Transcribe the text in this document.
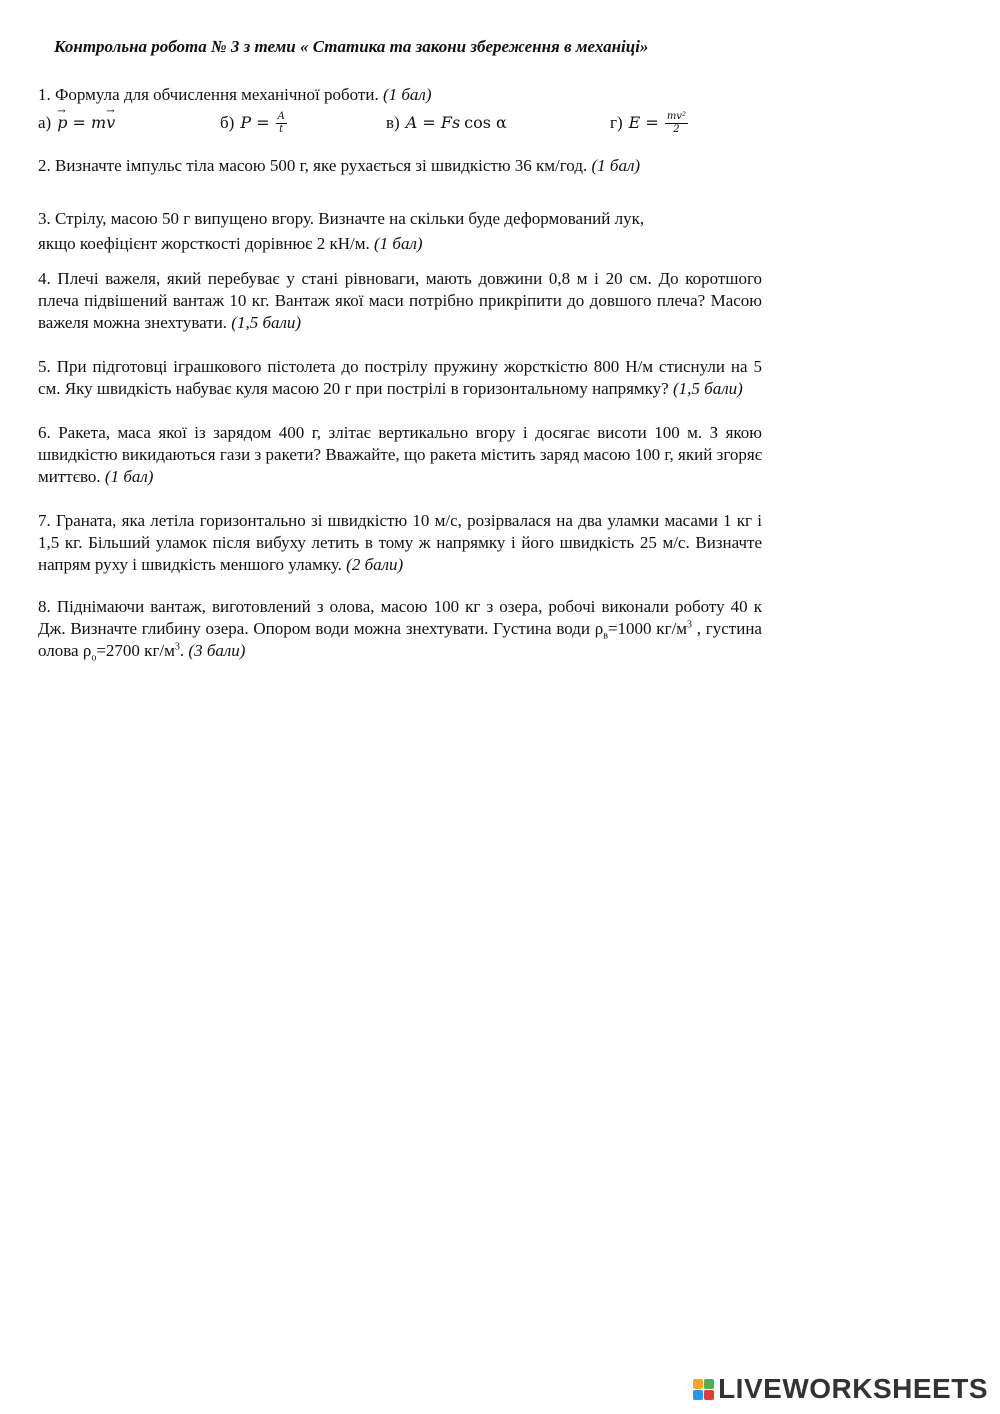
Контрольна робота № 3 з теми « Статика та закони збереження в механіці»

1. Формула для обчислення механічної роботи. (1 бал)

а)
→ p = m→ v	б) $P = \frac{A}{t}$	в) A = Fs cos α	г) $E = \frac{\text{mv²}}{2}$

2. Визначте імпульс тіла масою 500 г, яке рухається зі швидкістю 36 км/год. (1 бал)

3. Стрілу, масою 50 г випущено вгору. Визначте на скільки буде деформований лук,

якщо коефіцієнт жорсткості дорівнює 2 кН/м. (1 бал)

4. Плечі важеля, який перебуває у стані рівноваги, мають довжини 0,8 м і 20 см. До коротшого плеча підвішений вантаж 10 кг. Вантаж якої маси потрібно прикріпити до довшого плеча? Масою важеля можна знехтувати. (1,5 бали)

5. При підготовці іграшкового пістолета до пострілу пружину жорсткістю 800 Н/м стиснули на 5 см. Яку швидкість набуває куля масою 20 г при пострілі в горизонтальному напрямку? (1,5 бали)

6. Ракета, маса якої із зарядом 400 г, злітає вертикально вгору і досягає висоти 100 м. З якою швидкістю викидаються гази з ракети? Вважайте, що ракета містить заряд масою 100 г, який згоряє миттєво. (1 бал)

7. Граната, яка летіла горизонтально зі швидкістю 10 м/с, розірвалася на два уламки масами 1 кг і 1,5 кг. Більший уламок після вибуху летить в тому ж напрямку і його швидкість 25 м/с. Визначте напрям руху і швидкість меншого уламку. (2 бали)

8. Піднімаючи вантаж, виготовлений з олова, масою 100 кг з озера, робочі виконали роботу 40 к Дж. Визначте глибину озера. Опором води можна знехтувати. Густина води $\rho_в=1000$ $кг/м^3$ , густина олова $\rho_о=2700$ $кг/м^3$. (3 бали)

LIVEWORKSHEETS
